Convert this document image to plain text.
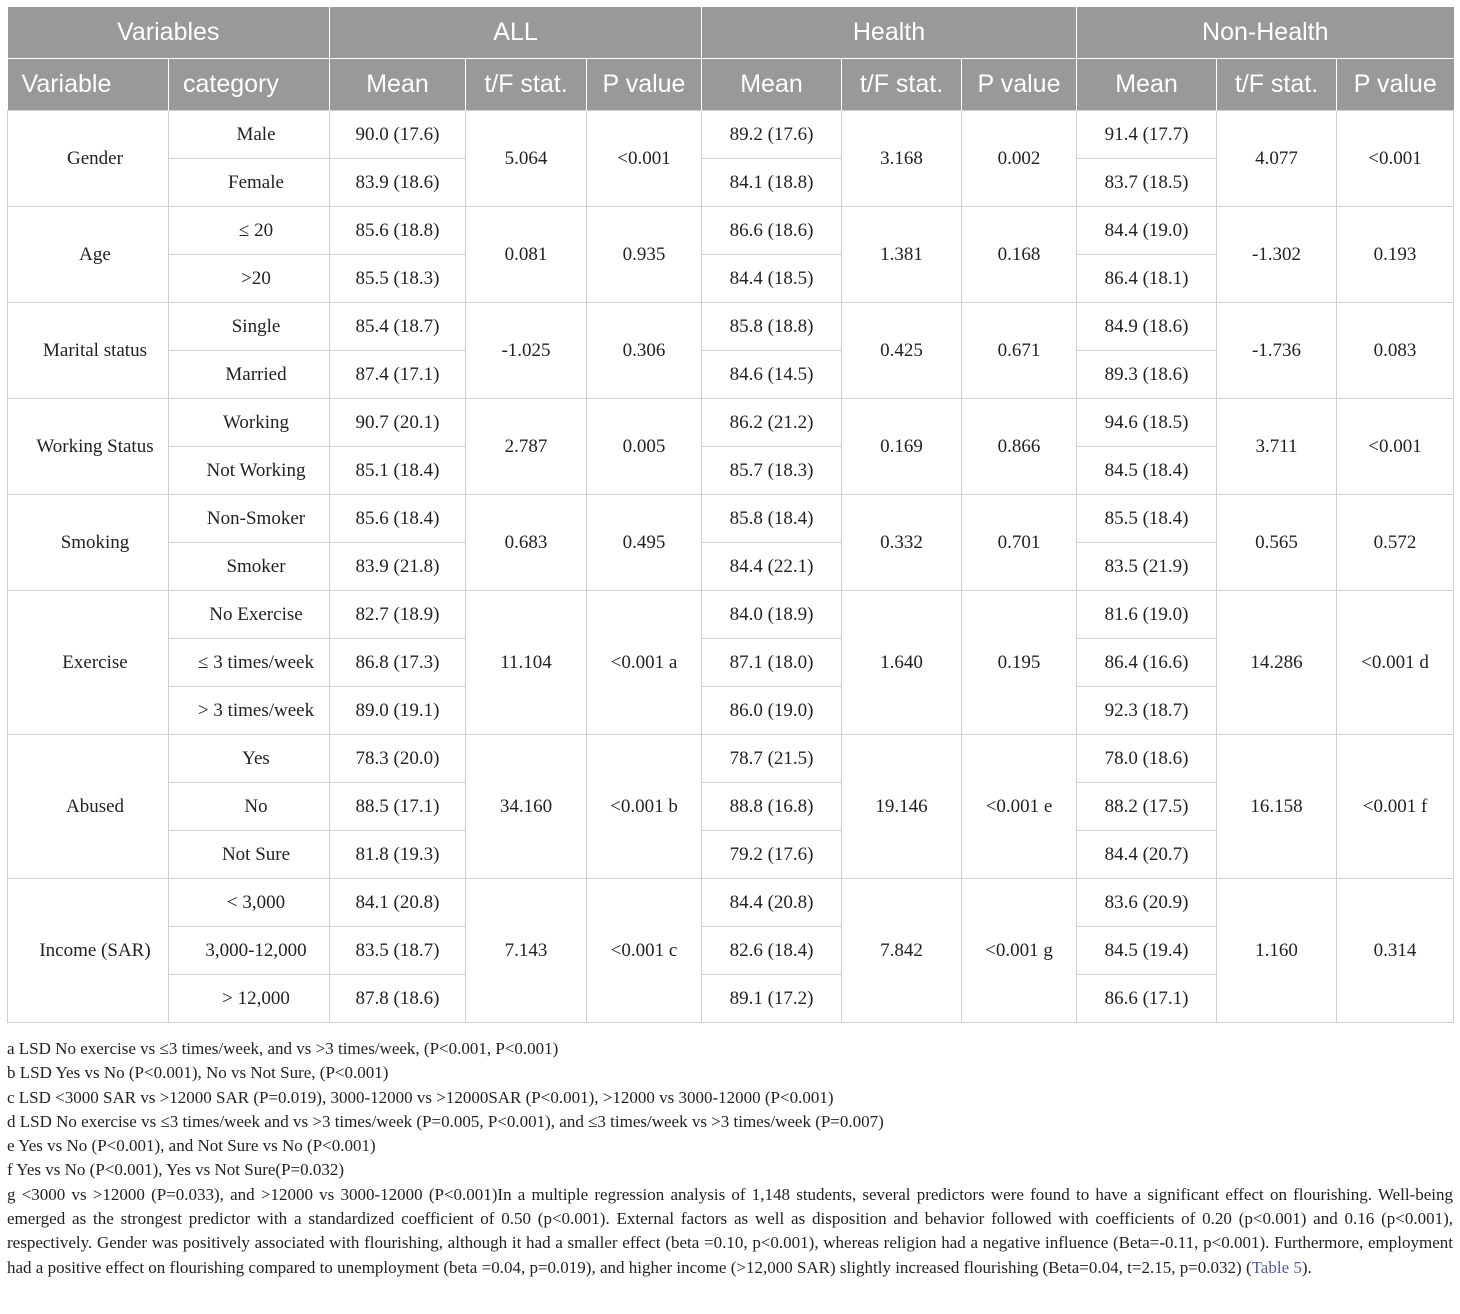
Variables		ALL			Health			Non-Health		
Variable	category	Mean	t/F stat.	P value	Mean	t/F stat.	P value	Mean	t/F stat.	P value
Gender	Male	90.0 (17.6)	5.064	<0.001	89.2 (17.6)	3.168	0.002	91.4 (17.7)	4.077	<0.001
	Female	83.9 (18.6)			84.1 (18.8)			83.7 (18.5)		
Age	≤ 20	85.6 (18.8)	0.081	0.935	86.6 (18.6)	1.381	0.168	84.4 (19.0)	-1.302	0.193
	>20	85.5 (18.3)			84.4 (18.5)			86.4 (18.1)		
Marital status	Single	85.4 (18.7)	-1.025	0.306	85.8 (18.8)	0.425	0.671	84.9 (18.6)	-1.736	0.083
	Married	87.4 (17.1)			84.6 (14.5)			89.3 (18.6)		
Working Status	Working	90.7 (20.1)	2.787	0.005	86.2 (21.2)	0.169	0.866	94.6 (18.5)	3.711	<0.001
	Not Working	85.1 (18.4)			85.7 (18.3)			84.5 (18.4)		
Smoking	Non-Smoker	85.6 (18.4)	0.683	0.495	85.8 (18.4)	0.332	0.701	85.5 (18.4)	0.565	0.572
	Smoker	83.9 (21.8)			84.4 (22.1)			83.5 (21.9)		
Exercise	No Exercise	82.7 (18.9)	11.104	<0.001 a	84.0 (18.9)	1.640	0.195	81.6 (19.0)	14.286	<0.001 d
	≤ 3 times/week	86.8 (17.3)			87.1 (18.0)			86.4 (16.6)		
	> 3 times/week	89.0 (19.1)			86.0 (19.0)			92.3 (18.7)		
Abused	Yes	78.3 (20.0)	34.160	<0.001 b	78.7 (21.5)	19.146	<0.001 e	78.0 (18.6)	16.158	<0.001 f
	No	88.5 (17.1)			88.8 (16.8)			88.2 (17.5)		
	Not Sure	81.8 (19.3)			79.2 (17.6)			84.4 (20.7)		
Income (SAR)	< 3,000	84.1 (20.8)	7.143	<0.001 c	84.4 (20.8)	7.842	<0.001 g	83.6 (20.9)	1.160	0.314
	3,000-12,000	83.5 (18.7)			82.6 (18.4)			84.5 (19.4)		
	> 12,000	87.8 (18.6)			89.1 (17.2)			86.6 (17.1)		

a LSD No exercise vs ≤3 times/week, and vs >3 times/week, (P<0.001, P<0.001)

b LSD Yes vs No (P<0.001), No vs Not Sure, (P<0.001)

c LSD <3000 SAR vs >12000 SAR (P=0.019), 3000-12000 vs >12000SAR (P<0.001), >12000 vs 3000-12000 (P<0.001)

d LSD No exercise vs ≤3 times/week and vs >3 times/week (P=0.005, P<0.001), and ≤3 times/week vs >3 times/week (P=0.007)

e Yes vs No (P<0.001), and Not Sure vs No (P<0.001)

f Yes vs No (P<0.001), Yes vs Not Sure(P=0.032)

g <3000 vs >12000 (P=0.033), and >12000 vs 3000-12000 (P<0.001)In a multiple regression analysis of 1,148 students, several predictors were found to have a significant effect on flourishing. Well-being emerged as the strongest predictor with a standardized coefficient of 0.50 (p<0.001). External factors as well as disposition and behavior followed with coefficients of 0.20 (p<0.001) and 0.16 (p<0.001), respectively. Gender was positively associated with flourishing, although it had a smaller effect (beta =0.10, p<0.001), whereas religion had a negative influence (Beta=-0.11, p<0.001). Furthermore, employment had a positive effect on flourishing compared to unemployment (beta =0.04, p=0.019), and higher income (>12,000 SAR) slightly increased flourishing (Beta=0.04, t=2.15, p=0.032) (Table 5).
